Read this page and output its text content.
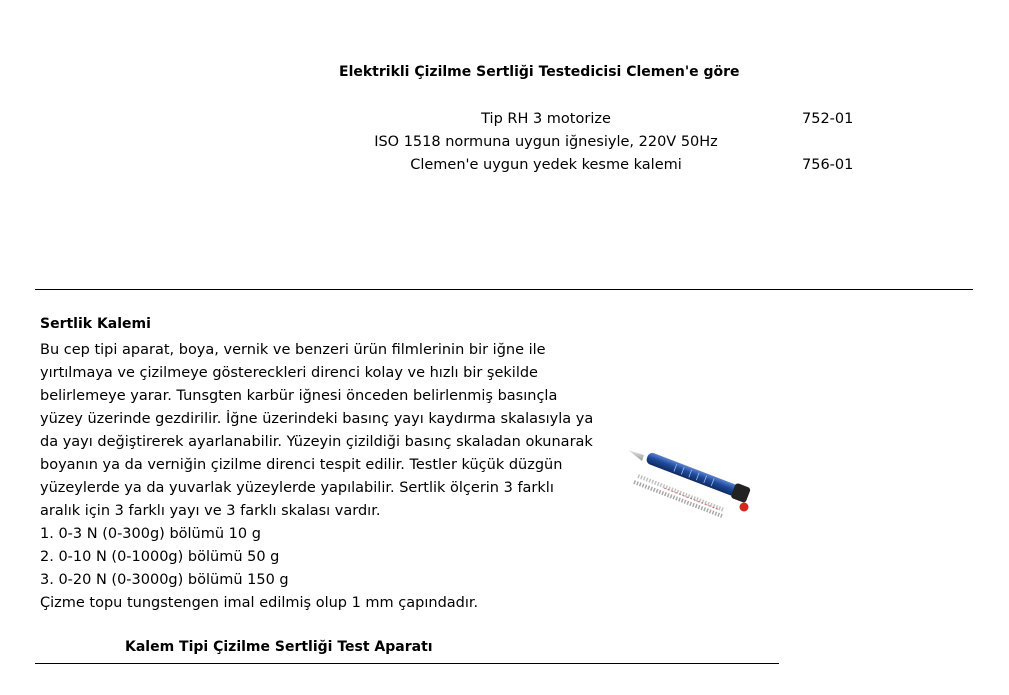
Elektrikli Çizilme Sertliği Testedicisi Clemen'e göre
Tip RH 3 motorize	752-01
ISO 1518 normuna uygun iğnesiyle, 220V 50Hz
Clemen'e uygun yedek kesme kalemi	756-01
Sertlik Kalemi
Bu cep tipi aparat, boya, vernik ve benzeri ürün filmlerinin bir iğne ile
yırtılmaya ve çizilmeye göstereckleri direnci kolay ve hızlı bir şekilde
belirlemeye yarar. Tunsgten karbür iğnesi önceden belirlenmiş basınçla
yüzey üzerinde gezdirilir. İğne üzerindeki basınç yayı kaydırma skalasıyla ya
da yayı değiştirerek ayarlanabilir. Yüzeyin çizildiği basınç skaladan okunarak
boyanın ya da verniğin çizilme direnci tespit edilir. Testler küçük düzgün
yüzeylerde ya da yuvarlak yüzeylerde yapılabilir. Sertlik ölçerin 3 farklı
aralık için 3 farklı yayı ve 3 farklı skalası vardır.
1. 0-3 N (0-300g) bölümü 10 g
2. 0-10 N (0-1000g) bölümü 50 g
3. 0-20 N (0-3000g) bölümü 150 g
Çizme topu tungstengen imal edilmiş olup 1 mm çapındadır.
Kalem Tipi Çizilme Sertliği Test Aparatı
